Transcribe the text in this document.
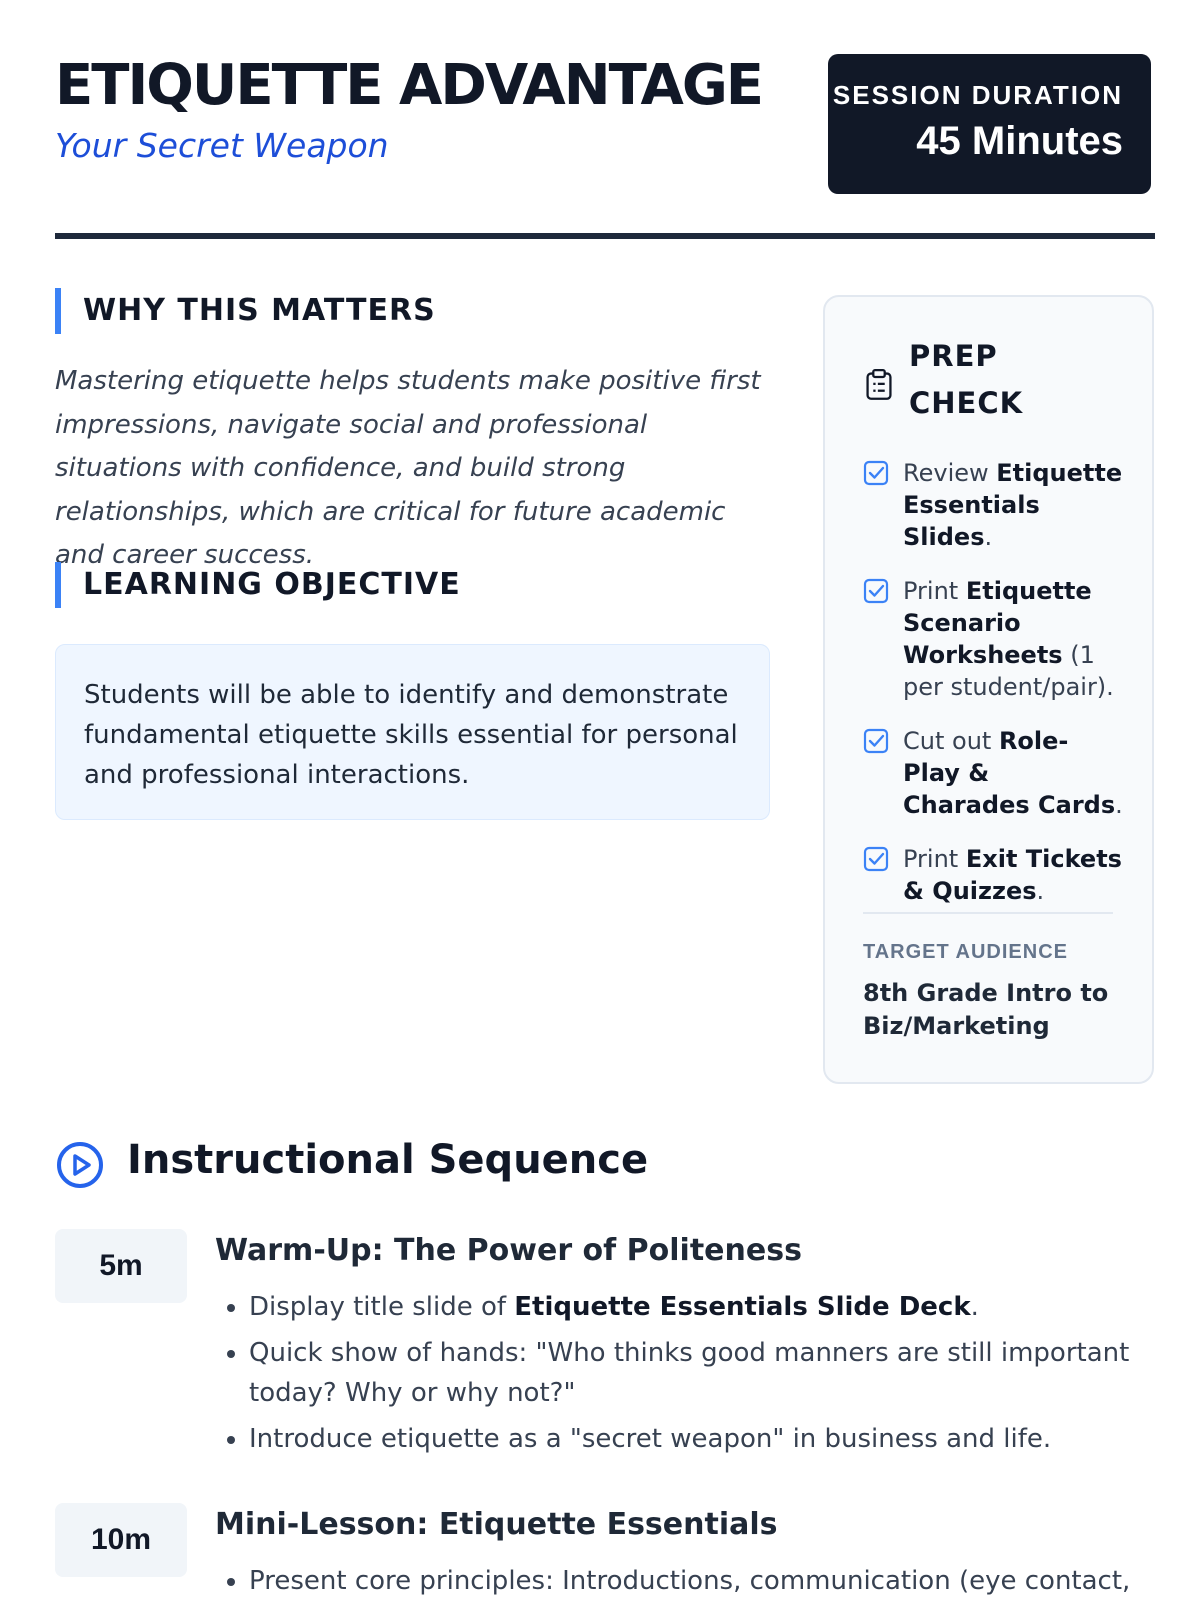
ETIQUETTE ADVANTAGE
Your Secret Weapon
SESSION DURATION
45 Minutes
WHY THIS MATTERS
Mastering etiquette helps students make positive first impressions, navigate social and professional situations with confidence, and build strong relationships, which are critical for future academic and career success.
LEARNING OBJECTIVE
Students will be able to identify and demonstrate fundamental etiquette skills essential for personal and professional interactions.
PREP CHECK
Review Etiquette Essentials Slides.
Print Etiquette Scenario Worksheets (1 per student/pair).
Cut out Role-Play & Charades Cards.
Print Exit Tickets & Quizzes.
TARGET AUDIENCE
8th Grade Intro to Biz/Marketing
Instructional Sequence
5m	Warm-Up: The Power of Politeness
• Display title slide of Etiquette Essentials Slide Deck.
• Quick show of hands: "Who thinks good manners are still important today? Why or why not?"
• Introduce etiquette as a "secret weapon" in business and life.
10m	Mini-Lesson: Etiquette Essentials
• Present core principles: Introductions, communication (eye contact,
